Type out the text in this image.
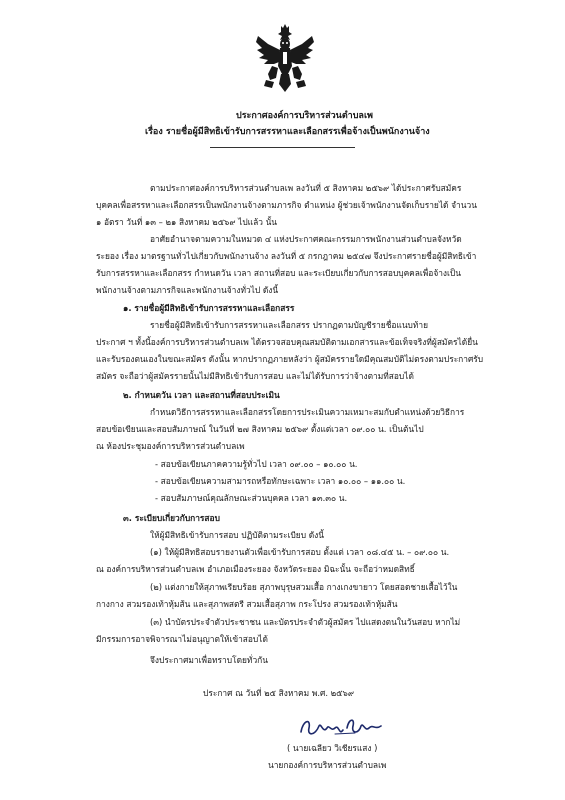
ประกาศองค์การบริหารส่วนตำบลเพ
เรื่อง รายชื่อผู้มีสิทธิเข้ารับการสรรหาและเลือกสรรเพื่อจ้างเป็นพนักงานจ้าง
ตามประกาศองค์การบริหารส่วนตำบลเพ ลงวันที่ ๕ สิงหาคม ๒๕๖๙ ได้ประกาศรับสมัคร
บุคคลเพื่อสรรหาและเลือกสรรเป็นพนักงานจ้างตามภารกิจ ตำแหน่ง ผู้ช่วยเจ้าพนักงานจัดเก็บรายได้ จำนวน
๑ อัตรา วันที่ ๑๓ – ๒๑ สิงหาคม ๒๕๖๙ ไปแล้ว นั้น
อาศัยอำนาจตามความในหมวด ๔ แห่งประกาศคณะกรรมการพนักงานส่วนตำบลจังหวัด
ระยอง เรื่อง มาตรฐานทั่วไปเกี่ยวกับพนักงานจ้าง ลงวันที่ ๕ กรกฎาคม ๒๕๔๗ จึงประกาศรายชื่อผู้มีสิทธิเข้า
รับการสรรหาและเลือกสรร กำหนดวัน เวลา สถานที่สอบ และระเบียบเกี่ยวกับการสอบบุคคลเพื่อจ้างเป็น
พนักงานจ้างตามภารกิจและพนักงานจ้างทั่วไป ดังนี้
๑. รายชื่อผู้มีสิทธิเข้ารับการสรรหาและเลือกสรร
รายชื่อผู้มีสิทธิเข้ารับการสรรหาและเลือกสรร ปรากฏตามบัญชีรายชื่อแนบท้าย
ประกาศ ฯ ทั้งนี้องค์การบริหารส่วนตำบลเพ ได้ตรวจสอบคุณสมบัติตามเอกสารและข้อเท็จจริงที่ผู้สมัครได้ยื่น
และรับรองตนเองในขณะสมัคร ดังนั้น หากปรากฏภายหลังว่า ผู้สมัครรายใดมีคุณสมบัติไม่ตรงตามประกาศรับ
สมัคร จะถือว่าผู้สมัครรายนั้นไม่มีสิทธิเข้ารับการสอบ และไม่ได้รับการว่าจ้างตามที่สอบได้
๒. กำหนดวัน เวลา และสถานที่สอบประเมิน
กำหนดวิธีการสรรหาและเลือกสรรโดยการประเมินความเหมาะสมกับตำแหน่งด้วยวิธีการ
สอบข้อเขียนและสอบสัมภาษณ์ ในวันที่ ๒๗ สิงหาคม ๒๕๖๙ ตั้งแต่เวลา ๐๙.๐๐ น. เป็นต้นไป
ณ ห้องประชุมองค์การบริหารส่วนตำบลเพ
- สอบข้อเขียนภาคความรู้ทั่วไป เวลา ๐๙.๐๐ – ๑๐.๐๐ น.
- สอบข้อเขียนความสามารถหรือทักษะเฉพาะ เวลา ๑๐.๐๐ – ๑๑.๐๐ น.
- สอบสัมภาษณ์คุณลักษณะส่วนบุคคล เวลา ๑๓.๓๐ น.
๓. ระเบียบเกี่ยวกับการสอบ
ให้ผู้มีสิทธิเข้ารับการสอบ ปฏิบัติตามระเบียบ ดังนี้
(๑) ให้ผู้มีสิทธิสอบรายงานตัวเพื่อเข้ารับการสอบ ตั้งแต่ เวลา ๐๘.๔๕ น. – ๐๙.๐๐ น.
ณ องค์การบริหารส่วนตำบลเพ อำเภอเมืองระยอง จังหวัดระยอง มิฉะนั้น จะถือว่าหมดสิทธิ์
(๒) แต่งกายให้สุภาพเรียบร้อย สุภาพบุรุษสวมเสื้อ กางเกงขายาว โดยสอดชายเสื้อไว้ใน
กางกาง สวมรองเท้าหุ้มส้น และสุภาพสตรี สวมเสื้อสุภาพ กระโปรง สวมรองเท้าหุ้มส้น
(๓) นำบัตรประจำตัวประชาชน และบัตรประจำตัวผู้สมัคร ไปแสดงตนในวันสอบ หากไม่
มีกรรมการอาจพิจารณาไม่อนุญาตให้เข้าสอบได้
จึงประกาศมาเพื่อทราบโดยทั่วกัน
ประกาศ ณ วันที่ ๒๕ สิงหาคม พ.ศ. ๒๕๖๙
( นายเฉลียว วิเชียรแสง )
นายกองค์การบริหารส่วนตำบลเพ
